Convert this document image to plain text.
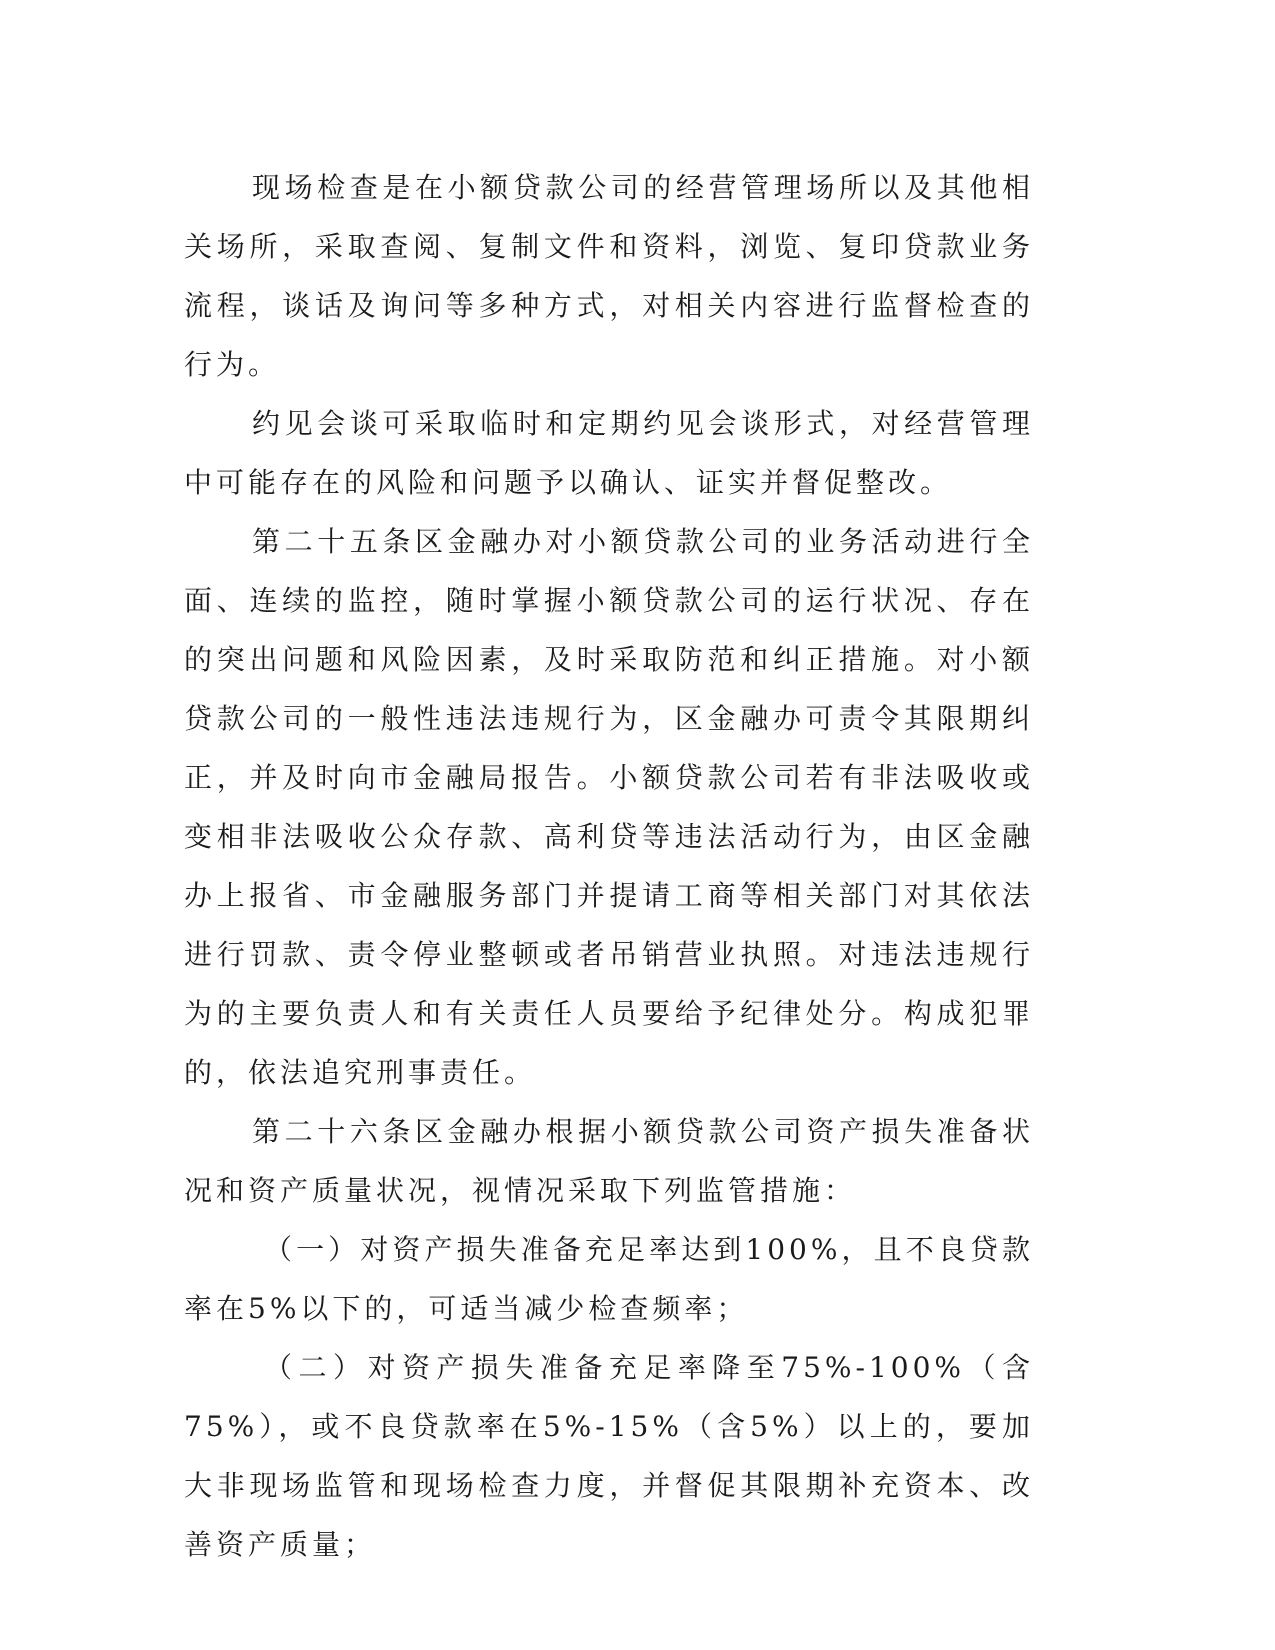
现场检查是在小额贷款公司的经营管理场所以及其他相关场所，采取查阅、复制文件和资料，浏览、复印贷款业务流程，谈话及询问等多种方式，对相关内容进行监督检查的行为。

约见会谈可采取临时和定期约见会谈形式，对经营管理中可能存在的风险和问题予以确认、证实并督促整改。

第二十五条区金融办对小额贷款公司的业务活动进行全面、连续的监控，随时掌握小额贷款公司的运行状况、存在的突出问题和风险因素，及时采取防范和纠正措施。对小额贷款公司的一般性违法违规行为，区金融办可责令其限期纠正，并及时向市金融局报告。小额贷款公司若有非法吸收或变相非法吸收公众存款、高利贷等违法活动行为，由区金融办上报省、市金融服务部门并提请工商等相关部门对其依法进行罚款、责令停业整顿或者吊销营业执照。对违法违规行为的主要负责人和有关责任人员要给予纪律处分。构成犯罪的，依法追究刑事责任。

第二十六条区金融办根据小额贷款公司资产损失准备状况和资产质量状况，视情况采取下列监管措施：

（一）对资产损失准备充足率达到100%，且不良贷款率在5%以下的，可适当减少检查频率；

（二）对资产损失准备充足率降至75%-100%（含75%），或不良贷款率在5%-15%（含5%）以上的，要加大非现场监管和现场检查力度，并督促其限期补充资本、改善资产质量；
